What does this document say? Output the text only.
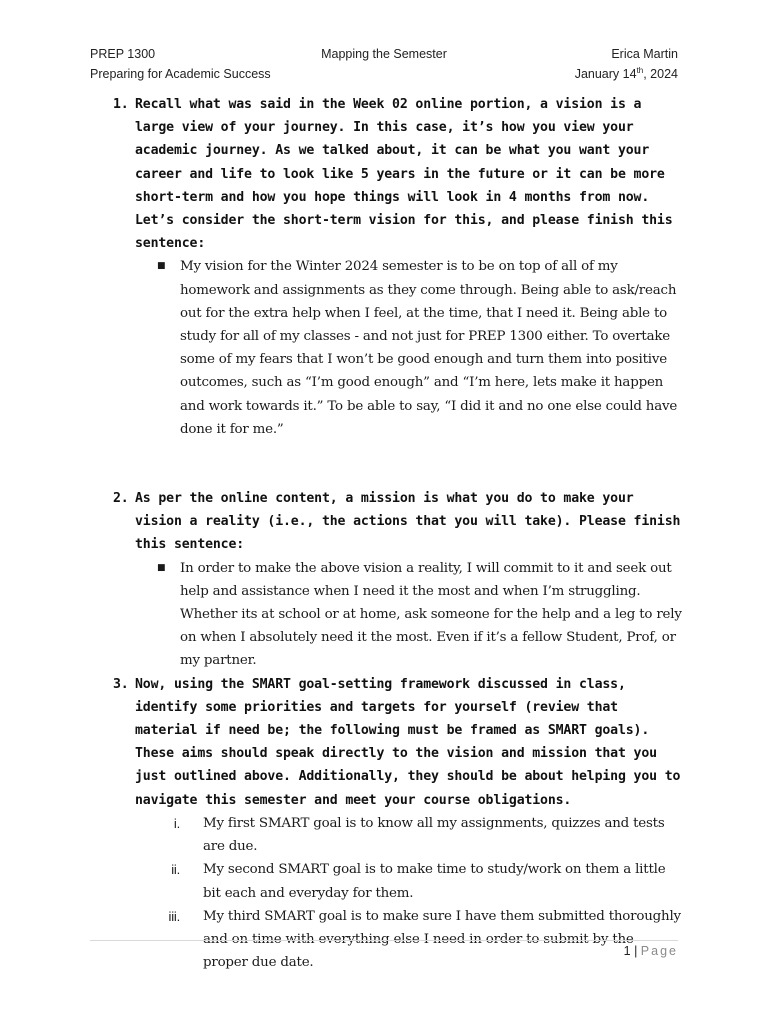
PREP 1300	Mapping the Semester	Erica Martin
Preparing for Academic Success	January 14th, 2024
1. Recall what was said in the Week 02 online portion, a vision is a large view of your journey. In this case, it’s how you view your academic journey. As we talked about, it can be what you want your career and life to look like 5 years in the future or it can be more short-term and how you hope things will look in 4 months from now. Let’s consider the short-term vision for this, and please finish this sentence:
■ My vision for the Winter 2024 semester is to be on top of all of my homework and assignments as they come through. Being able to ask/reach out for the extra help when I feel, at the time, that I need it. Being able to study for all of my classes - and not just for PREP 1300 either. To overtake some of my fears that I won’t be good enough and turn them into positive outcomes, such as “I’m good enough” and “I’m here, lets make it happen and work towards it.” To be able to say, “I did it and no one else could have done it for me.”
2. As per the online content, a mission is what you do to make your vision a reality (i.e., the actions that you will take). Please finish this sentence:
■ In order to make the above vision a reality, I will commit to it and seek out help and assistance when I need it the most and when I’m struggling. Whether its at school or at home, ask someone for the help and a leg to rely on when I absolutely need it the most. Even if it’s a fellow Student, Prof, or my partner.
3. Now, using the SMART goal-setting framework discussed in class, identify some priorities and targets for yourself (review that material if need be; the following must be framed as SMART goals). These aims should speak directly to the vision and mission that you just outlined above. Additionally, they should be about helping you to navigate this semester and meet your course obligations.
i. My first SMART goal is to know all my assignments, quizzes and tests are due.
ii. My second SMART goal is to make time to study/work on them a little bit each and everyday for them.
iii. My third SMART goal is to make sure I have them submitted thoroughly and on time with everything else I need in order to submit by the proper due date.
1 | Page
